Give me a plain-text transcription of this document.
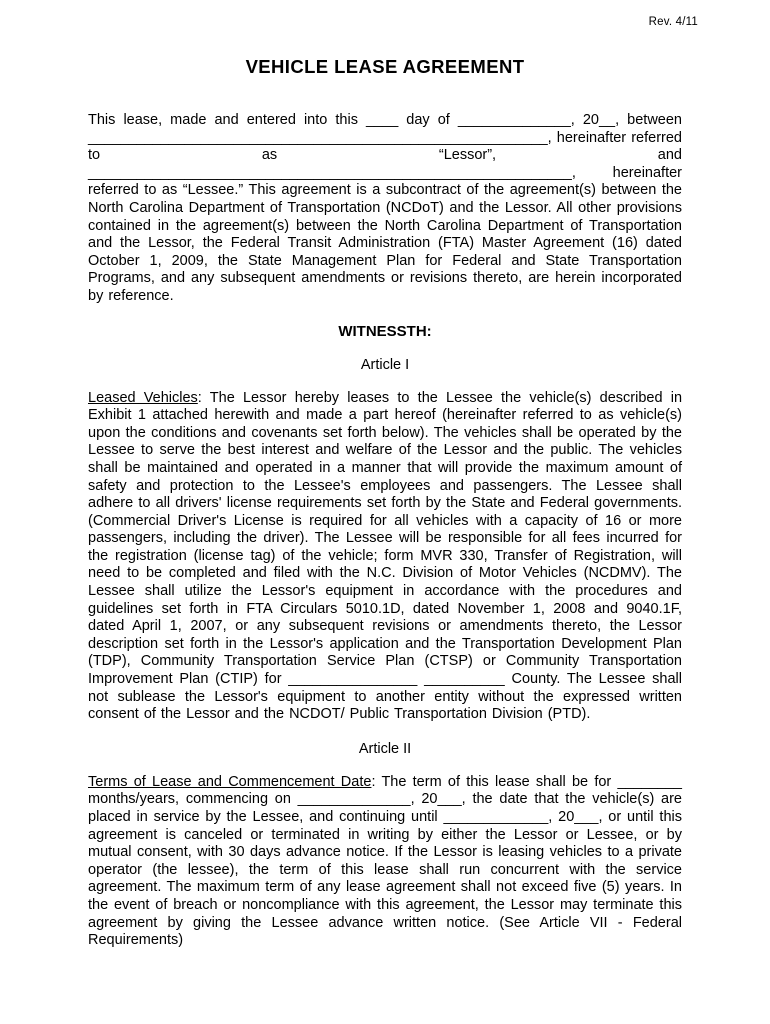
Rev. 4/11
VEHICLE LEASE AGREEMENT

This lease, made and entered into this ____ day of ______________, 20__, between _________________________________________________________, hereinafter referred to as “Lessor”, and ____________________________________________________________, hereinafter referred to as “Lessee.” This agreement is a subcontract of the agreement(s) between the North Carolina Department of Transportation (NCDoT) and the Lessor. All other provisions contained in the agreement(s) between the North Carolina Department of Transportation and the Lessor, the Federal Transit Administration (FTA) Master Agreement (16) dated October 1, 2009, the State Management Plan for Federal and State Transportation Programs, and any subsequent amendments or revisions thereto, are herein incorporated by reference.

WITNESSTH:
Article I

Leased Vehicles: The Lessor hereby leases to the Lessee the vehicle(s) described in Exhibit 1 attached herewith and made a part hereof (hereinafter referred to as vehicle(s) upon the conditions and covenants set forth below). The vehicles shall be operated by the Lessee to serve the best interest and welfare of the Lessor and the public. The vehicles shall be maintained and operated in a manner that will provide the maximum amount of safety and protection to the Lessee's employees and passengers. The Lessee shall adhere to all drivers' license requirements set forth by the State and Federal governments. (Commercial Driver's License is required for all vehicles with a capacity of 16 or more passengers, including the driver). The Lessee will be responsible for all fees incurred for the registration (license tag) of the vehicle; form MVR 330, Transfer of Registration, will need to be completed and filed with the N.C. Division of Motor Vehicles (NCDMV). The Lessee shall utilize the Lessor's equipment in accordance with the procedures and guidelines set forth in FTA Circulars 5010.1D, dated November 1, 2008 and 9040.1F, dated April 1, 2007, or any subsequent revisions or amendments thereto, the Lessor description set forth in the Lessor's application and the Transportation Development Plan (TDP), Community Transportation Service Plan (CTSP) or Community Transportation Improvement Plan (CTIP) for ________________ __________ County. The Lessee shall not sublease the Lessor's equipment to another entity without the expressed written consent of the Lessor and the NCDOT/ Public Transportation Division (PTD).

Article II

Terms of Lease and Commencement Date: The term of this lease shall be for ________ months/years, commencing on ______________, 20___, the date that the vehicle(s) are placed in service by the Lessee, and continuing until _____________, 20___, or until this agreement is canceled or terminated in writing by either the Lessor or Lessee, or by mutual consent, with 30 days advance notice. If the Lessor is leasing vehicles to a private operator (the lessee), the term of this lease shall run concurrent with the service agreement. The maximum term of any lease agreement shall not exceed five (5) years. In the event of breach or noncompliance with this agreement, the Lessor may terminate this agreement by giving the Lessee advance written notice. (See Article VII - Federal Requirements)
